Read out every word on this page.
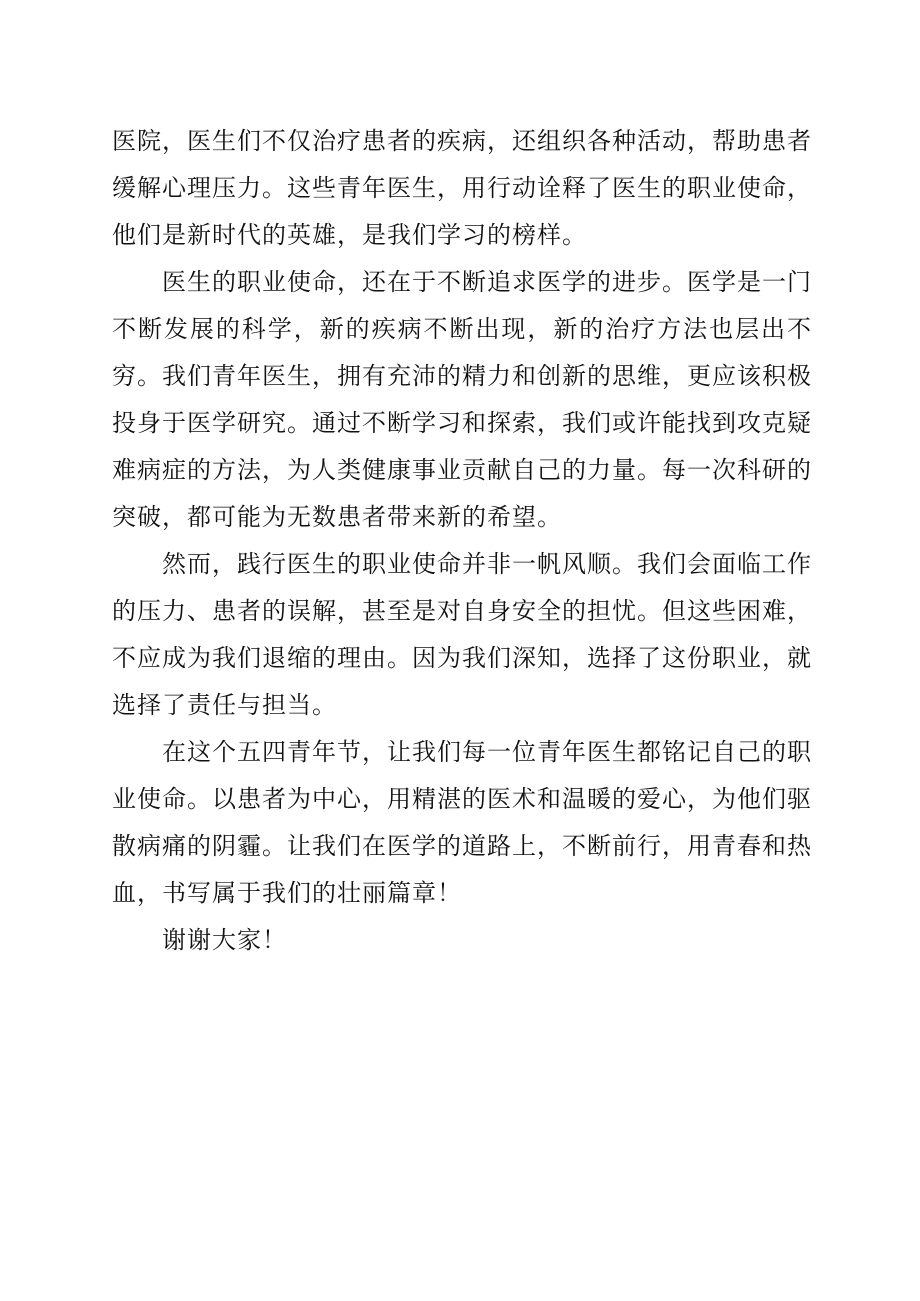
医院，医生们不仅治疗患者的疾病，还组织各种活动，帮助患者缓解心理压力。这些青年医生，用行动诠释了医生的职业使命，他们是新时代的英雄，是我们学习的榜样。

医生的职业使命，还在于不断追求医学的进步。医学是一门不断发展的科学，新的疾病不断出现，新的治疗方法也层出不穷。我们青年医生，拥有充沛的精力和创新的思维，更应该积极投身于医学研究。通过不断学习和探索，我们或许能找到攻克疑难病症的方法，为人类健康事业贡献自己的力量。每一次科研的突破，都可能为无数患者带来新的希望。

然而，践行医生的职业使命并非一帆风顺。我们会面临工作的压力、患者的误解，甚至是对自身安全的担忧。但这些困难，不应成为我们退缩的理由。因为我们深知，选择了这份职业，就选择了责任与担当。

在这个五四青年节，让我们每一位青年医生都铭记自己的职业使命。以患者为中心，用精湛的医术和温暖的爱心，为他们驱散病痛的阴霾。让我们在医学的道路上，不断前行，用青春和热血，书写属于我们的壮丽篇章！

谢谢大家！
